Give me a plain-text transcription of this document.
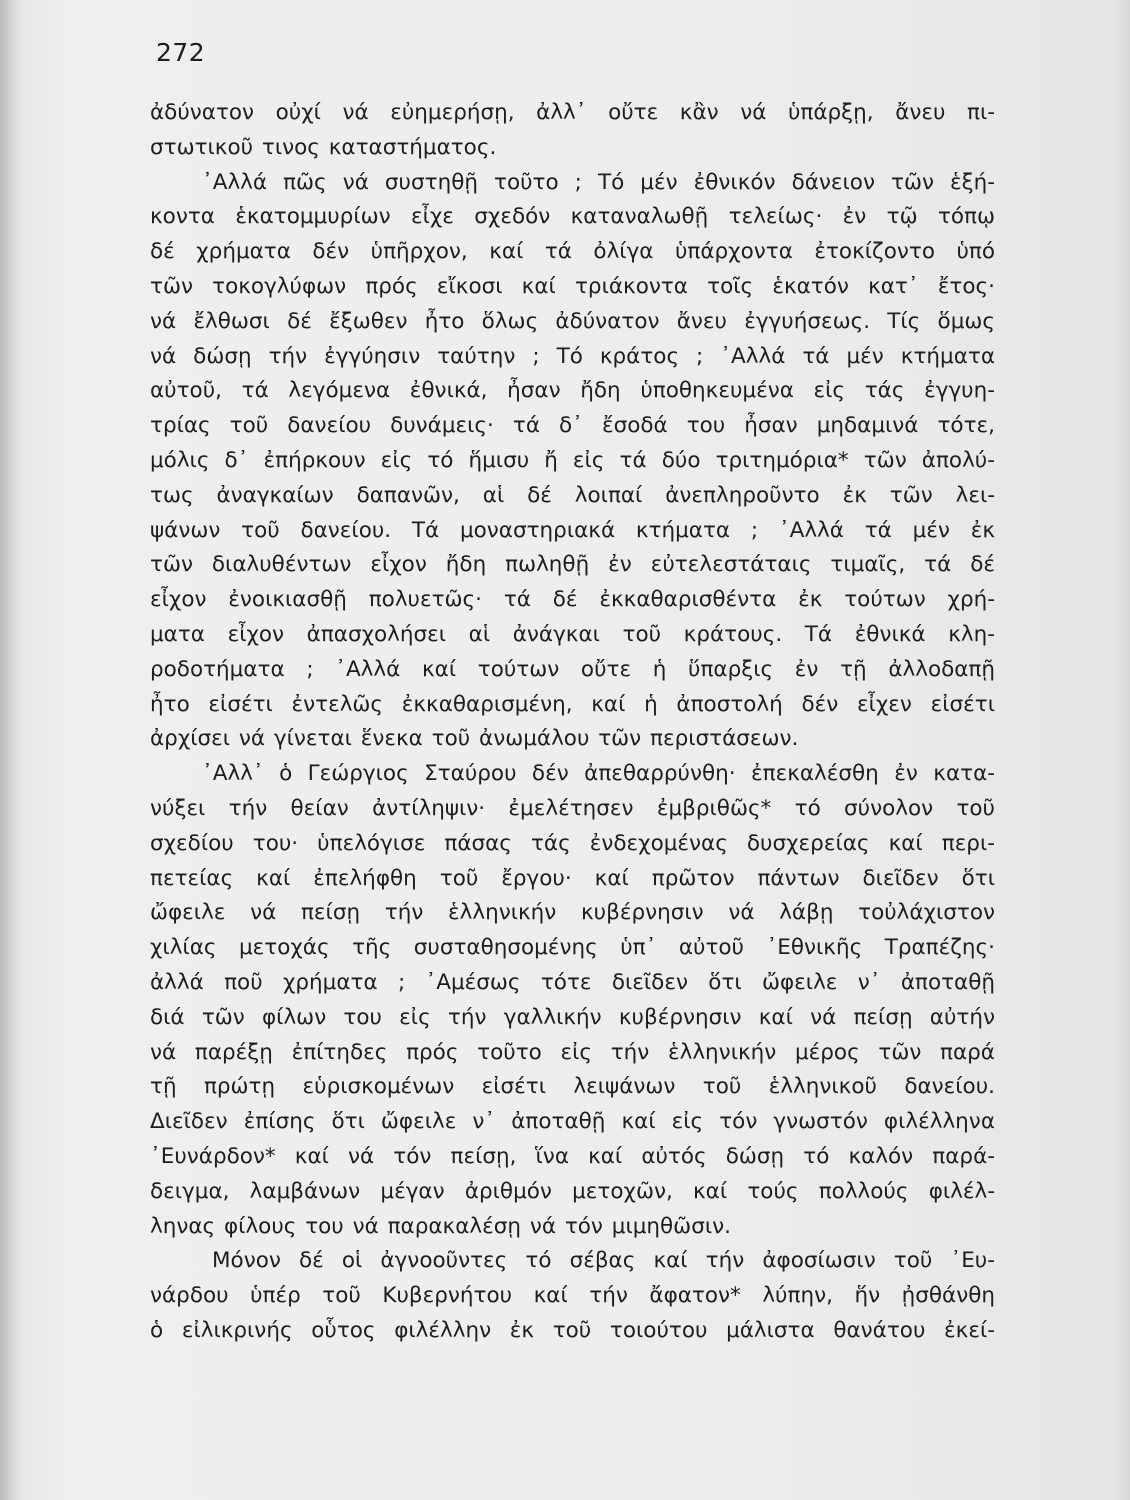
272
ἀδύνατον οὐχί νά εὐημερήσῃ, ἀλλ᾽ οὔτε κἂν νά ὑπάρξῃ, ἄνευ πι-
στωτικοῦ τινος καταστήματος.
᾽Αλλά πῶς νά συστηθῇ τοῦτο ; Τό μέν ἐθνικόν δάνειον τῶν ἑξή-
κοντα ἑκατομμυρίων εἶχε σχεδόν καταναλωθῇ τελείως· ἐν τῷ τόπῳ
δέ χρήματα δέν ὑπῆρχον, καί τά ὀλίγα ὑπάρχοντα ἐτοκίζοντο ὑπό
τῶν τοκογλύφων πρός εἴκοσι καί τριάκοντα τοῖς ἑκατόν κατ᾽ ἔτος·
νά ἔλθωσι δέ ἔξωθεν ἦτο ὅλως ἀδύνατον ἄνευ ἐγγυήσεως. Τίς ὅμως
νά δώσῃ τήν ἐγγύησιν ταύτην ; Τό κράτος ; ᾽Αλλά τά μέν κτήματα
αὐτοῦ, τά λεγόμενα ἐθνικά, ἦσαν ἤδη ὑποθηκευμένα εἰς τάς ἐγγυη-
τρίας τοῦ δανείου δυνάμεις· τά δ᾽ ἔσοδά του ἦσαν μηδαμινά τότε,
μόλις δ᾽ ἐπήρκουν εἰς τό ἥμισυ ἤ εἰς τά δύο τριτημόρια* τῶν ἀπολύ-
τως ἀναγκαίων δαπανῶν, αἱ δέ λοιπαί ἀνεπληροῦντο ἐκ τῶν λει-
ψάνων τοῦ δανείου. Τά μοναστηριακά κτήματα ; ᾽Αλλά τά μέν ἐκ
τῶν διαλυθέντων εἶχον ἤδη πωληθῇ ἐν εὐτελεστάταις τιμαῖς, τά δέ
εἶχον ἐνοικιασθῇ πολυετῶς· τά δέ ἐκκαθαρισθέντα ἐκ τούτων χρή-
ματα εἶχον ἀπασχολήσει αἱ ἀνάγκαι τοῦ κράτους. Τά ἐθνικά κλη-
ροδοτήματα ; ᾽Αλλά καί τούτων οὔτε ἡ ὕπαρξις ἐν τῇ ἀλλοδαπῇ
ἦτο εἰσέτι ἐντελῶς ἐκκαθαρισμένη, καί ἡ ἀποστολή δέν εἶχεν εἰσέτι
ἀρχίσει νά γίνεται ἕνεκα τοῦ ἀνωμάλου τῶν περιστάσεων.
᾽Αλλ᾽ ὁ Γεώργιος Σταύρου δέν ἀπεθαρρύνθη· ἐπεκαλέσθη ἐν κατα-
νύξει τήν θείαν ἀντίληψιν· ἐμελέτησεν ἐμβριθῶς* τό σύνολον τοῦ
σχεδίου του· ὑπελόγισε πάσας τάς ἐνδεχομένας δυσχερείας καί περι-
πετείας καί ἐπελήφθη τοῦ ἔργου· καί πρῶτον πάντων διεῖδεν ὅτι
ὤφειλε νά πείσῃ τήν ἑλληνικήν κυβέρνησιν νά λάβῃ τοὐλάχιστον
χιλίας μετοχάς τῆς συσταθησομένης ὑπ᾽ αὐτοῦ ᾽Εθνικῆς Τραπέζης·
ἀλλά ποῦ χρήματα ; ᾽Αμέσως τότε διεῖδεν ὅτι ὤφειλε ν᾽ ἀποταθῇ
διά τῶν φίλων του εἰς τήν γαλλικήν κυβέρνησιν καί νά πείσῃ αὐτήν
νά παρέξῃ ἐπίτηδες πρός τοῦτο εἰς τήν ἑλληνικήν μέρος τῶν παρά
τῇ πρώτῃ εὑρισκομένων εἰσέτι λειψάνων τοῦ ἑλληνικοῦ δανείου.
Διεῖδεν ἐπίσης ὅτι ὤφειλε ν᾽ ἀποταθῇ καί εἰς τόν γνωστόν φιλέλληνα
᾽Ευνάρδον* καί νά τόν πείσῃ, ἵνα καί αὐτός δώσῃ τό καλόν παρά-
δειγμα, λαμβάνων μέγαν ἀριθμόν μετοχῶν, καί τούς πολλούς φιλέλ-
ληνας φίλους του νά παρακαλέσῃ νά τόν μιμηθῶσιν.
Μόνον δέ οἱ ἀγνοοῦντες τό σέβας καί τήν ἀφοσίωσιν τοῦ ᾽Ευ-
νάρδου ὑπέρ τοῦ Κυβερνήτου καί τήν ἄφατον* λύπην, ἥν ᾐσθάνθη
ὁ εἰλικρινής οὗτος φιλέλλην ἐκ τοῦ τοιούτου μάλιστα θανάτου ἐκεί-
